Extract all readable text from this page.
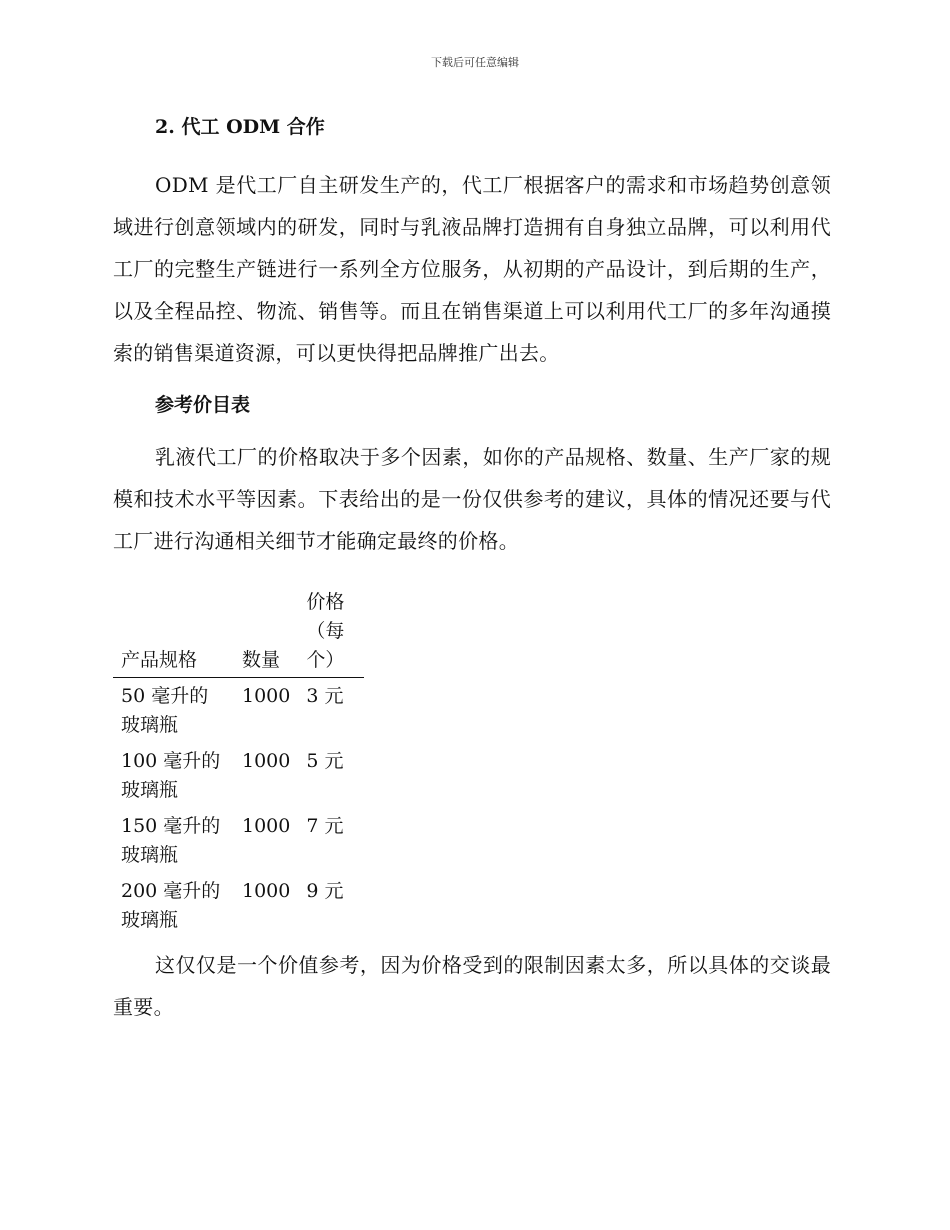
下载后可任意编辑
2. 代工 ODM 合作

ODM 是代工厂自主研发生产的，代工厂根据客户的需求和市场趋势创意领域进行创意领域内的研发，同时与乳液品牌打造拥有自身独立品牌，可以利用代工厂的完整生产链进行一系列全方位服务，从初期的产品设计，到后期的生产，以及全程品控、物流、销售等。而且在销售渠道上可以利用代工厂的多年沟通摸索的销售渠道资源，可以更快得把品牌推广出去。

参考价目表

乳液代工厂的价格取决于多个因素，如你的产品规格、数量、生产厂家的规模和技术水平等因素。下表给出的是一份仅供参考的建议，具体的情况还要与代工厂进行沟通相关细节才能确定最终的价格。

产品规格	数量	价格（每个）
50 毫升的玻璃瓶	1000	3 元
100 毫升的玻璃瓶	1000	5 元
150 毫升的玻璃瓶	1000	7 元
200 毫升的玻璃瓶	1000	9 元

这仅仅是一个价值参考，因为价格受到的限制因素太多，所以具体的交谈最重要。
